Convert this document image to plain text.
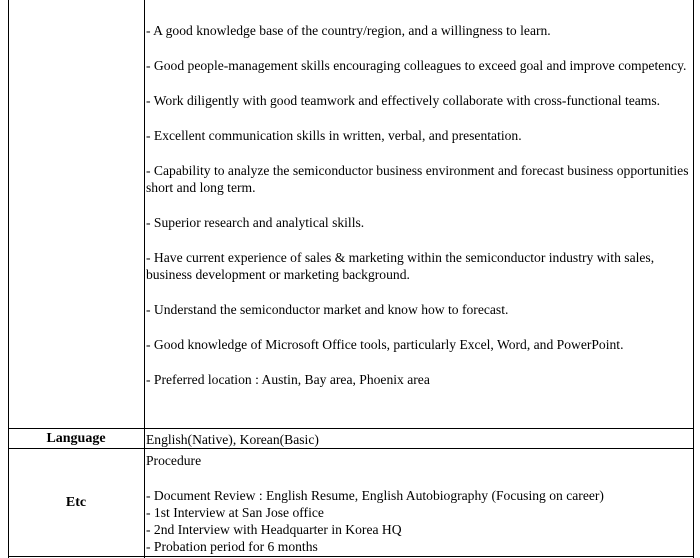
- A good knowledge base of the country/region, and a willingness to learn.

- Good people-management skills encouraging colleagues to exceed goal and improve competency.

- Work diligently with good teamwork and effectively collaborate with cross-functional teams.

- Excellent communication skills in written, verbal, and presentation.

- Capability to analyze the semiconductor business environment and forecast business opportunities short and long term.

- Superior research and analytical skills.

- Have current experience of sales & marketing within the semiconductor industry with sales, business development or marketing background.

- Understand the semiconductor market and know how to forecast.

- Good knowledge of Microsoft Office tools, particularly Excel, Word, and PowerPoint.

- Preferred location : Austin, Bay area, Phoenix area

Language	English(Native), Korean(Basic)
Etc
Procedure
- Document Review : English Resume, English Autobiography (Focusing on career)
- 1st Interview at San Jose office
- 2nd Interview with Headquarter in Korea HQ
- Probation period for 6 months
